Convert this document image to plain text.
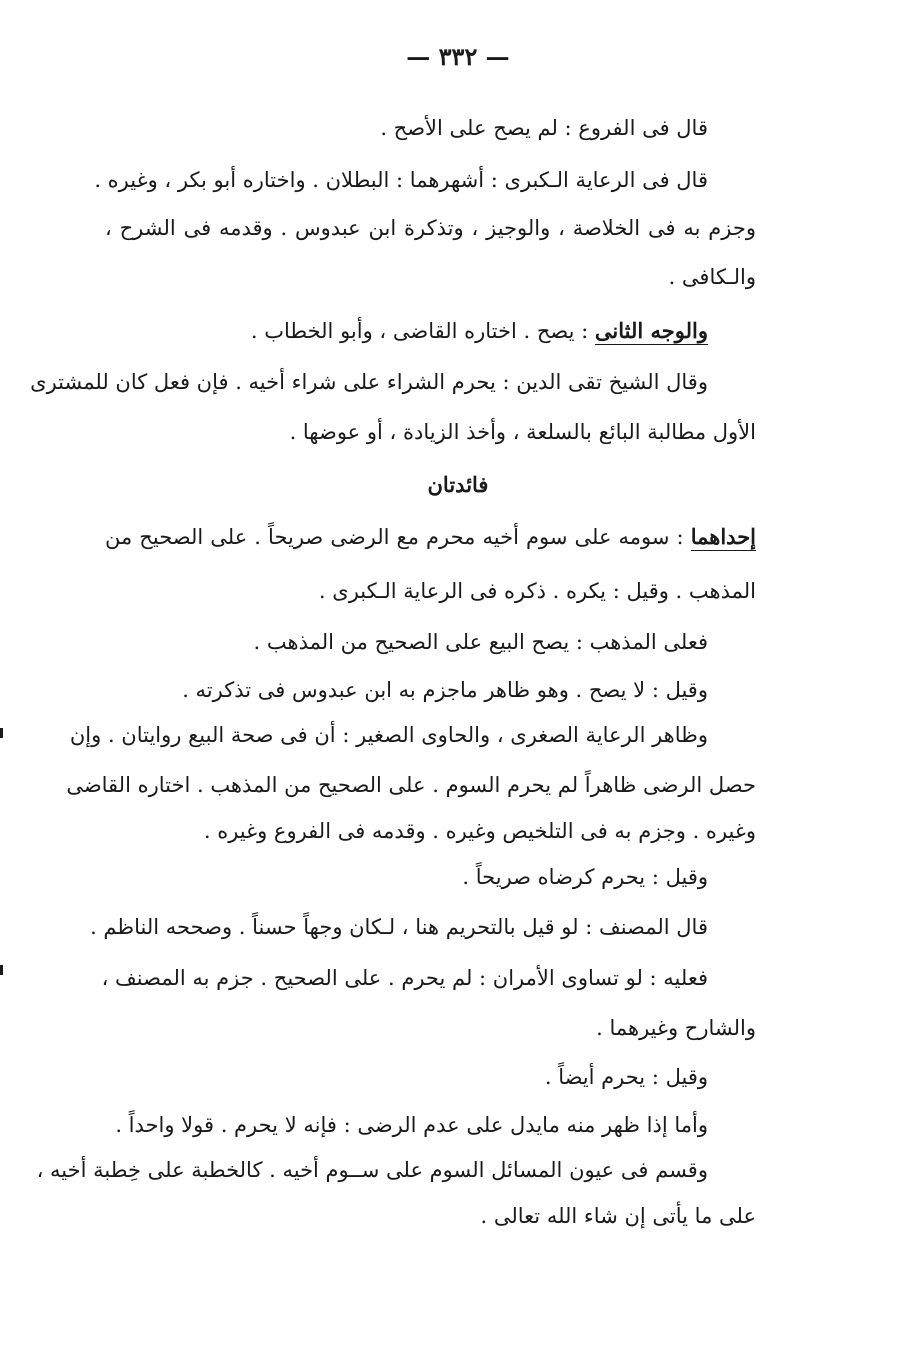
— ٣٣٢ —
قال فى الفروع : لم يصح على الأصح .
قال فى الرعاية الـكبرى : أشهرهما : البطلان . واختاره أبو بكر ، وغيره .
وجزم به فى الخلاصة ، والوجيز ، وتذكرة ابن عبدوس . وقدمه فى الشرح ،
والـكافى .
والوجه الثانى : يصح . اختاره القاضى ، وأبو الخطاب .
وقال الشيخ تقى الدين : يحرم الشراء على شراء أخيه . فإن فعل كان للمشترى
الأول مطالبة البائع بالسلعة ، وأخذ الزيادة ، أو عوضها .
فائدتان
إحداهما : سومه على سوم أخيه محرم مع الرضى صريحاً . على الصحيح من
المذهب . وقيل : يكره . ذكره فى الرعاية الـكبرى .
فعلى المذهب : يصح البيع على الصحيح من المذهب .
وقيل : لا يصح . وهو ظاهر ماجزم به ابن عبدوس فى تذكرته .
وظاهر الرعاية الصغرى ، والحاوى الصغير : أن فى صحة البيع روايتان . وإن
حصل الرضى ظاهراً لم يحرم السوم . على الصحيح من المذهب . اختاره القاضى
وغيره . وجزم به فى التلخيص وغيره . وقدمه فى الفروع وغيره .
وقيل : يحرم كرضاه صريحاً .
قال المصنف : لو قيل بالتحريم هنا ، لـكان وجهاً حسناً . وصححه الناظم .
فعليه : لو تساوى الأمران : لم يحرم . على الصحيح . جزم به المصنف ،
والشارح وغيرهما .
وقيل : يحرم أيضاً .
وأما إذا ظهر منه مايدل على عدم الرضى : فإنه لا يحرم . قولا واحداً .
وقسم فى عيون المسائل السوم على ســوم أخيه . كالخطبة على خِطبة أخيه ،
على ما يأتى إن شاء الله تعالى .
